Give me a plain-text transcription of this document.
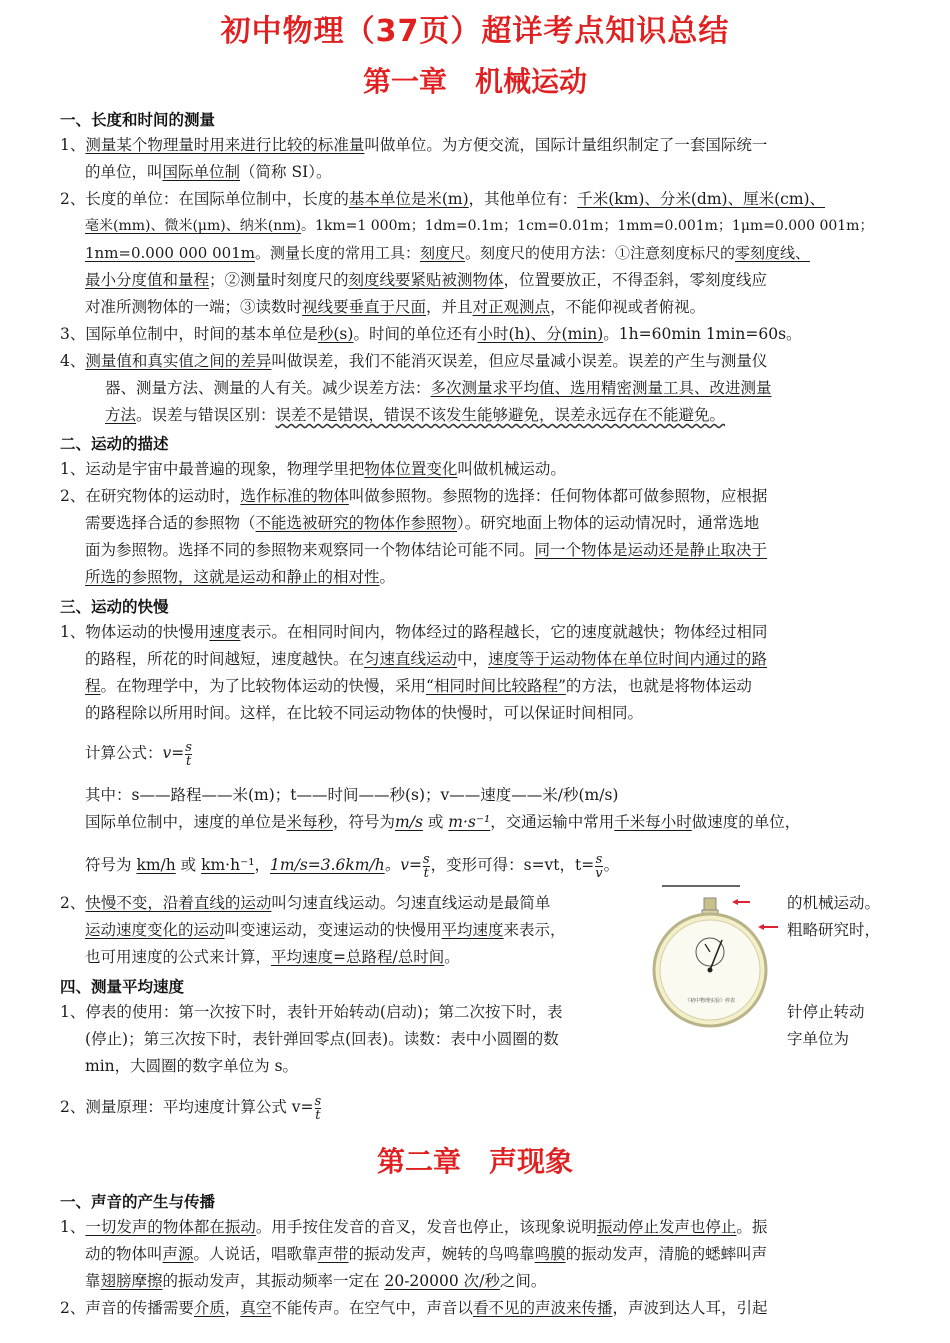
初中物理（37页）超详考点知识总结
第一章　机械运动
一、长度和时间的测量
1、测量某个物理量时用来进行比较的标准量叫做单位。为方便交流，国际计量组织制定了一套国际统一
的单位，叫国际单位制（简称 SI）。
2、长度的单位：在国际单位制中，长度的基本单位是米(m)，其他单位有：千米(km)、分米(dm)、厘米(cm)、
毫米(mm)、微米(μm)、纳米(nm)。1km=1 000m；1dm=0.1m；1cm=0.01m；1mm=0.001m；1μm=0.000 001m；
1nm=0.000 000 001m。测量长度的常用工具：刻度尺。刻度尺的使用方法：①注意刻度标尺的零刻度线、
最小分度值和量程；②测量时刻度尺的刻度线要紧贴被测物体，位置要放正，不得歪斜，零刻度线应
对准所测物体的一端；③读数时视线要垂直于尺面，并且对正观测点，不能仰视或者俯视。
3、国际单位制中，时间的基本单位是秒(s)。时间的单位还有小时(h)、分(min)。1h=60min 1min=60s。
4、测量值和真实值之间的差异叫做误差，我们不能消灭误差，但应尽量减小误差。误差的产生与测量仪
器、测量方法、测量的人有关。减少误差方法：多次测量求平均值、选用精密测量工具、改进测量
方法。误差与错误区别：误差不是错误，错误不该发生能够避免，误差永远存在不能避免。
二、运动的描述
1、运动是宇宙中最普遍的现象，物理学里把物体位置变化叫做机械运动。
2、在研究物体的运动时，选作标准的物体叫做参照物。参照物的选择：任何物体都可做参照物，应根据
需要选择合适的参照物（不能选被研究的物体作参照物）。研究地面上物体的运动情况时，通常选地
面为参照物。选择不同的参照物来观察同一个物体结论可能不同。同一个物体是运动还是静止取决于
所选的参照物，这就是运动和静止的相对性。
三、运动的快慢
1、物体运动的快慢用速度表示。在相同时间内，物体经过的路程越长，它的速度就越快；物体经过相同
的路程，所花的时间越短，速度越快。在匀速直线运动中，速度等于运动物体在单位时间内通过的路
程。在物理学中，为了比较物体运动的快慢，采用“相同时间比较路程”的方法，也就是将物体运动
的路程除以所用时间。这样，在比较不同运动物体的快慢时，可以保证时间相同。
计算公式：$v= \frac{s}{t}$
其中：s——路程——米(m)；t——时间——秒(s)；v——速度——米/秒(m/s)
国际单位制中，速度的单位是米每秒，符号为m/s 或 m·s⁻¹，交通运输中常用千米每小时做速度的单位，
符号为 km/h 或 km·h⁻¹，1m/s=3.6km/h。$v= \frac{s}{t}$ ，变形可得：s=vt，$t= \frac{s}{v}$ 。
2、快慢不变，沿着直线的运动叫匀速直线运动。匀速直线运动是最简单	的机械运动。
运动速度变化的运动叫变速运动，变速运动的快慢用平均速度来表示，	粗略研究时，
也可用速度的公式来计算，平均速度=总路程/总时间。
四、测量平均速度
1、停表的使用：第一次按下时，表针开始转动(启动)；第二次按下时，表	针停止转动
(停止)；第三次按下时，表针弹回零点(回表)。读数：表中小圆圈的数	字单位为
min，大圆圈的数字单位为 s。
2、测量原理：平均速度计算公式 $v= \frac{s}{t}$
《初中物理实验》停表
第二章　声现象
一、声音的产生与传播
1、一切发声的物体都在振动。用手按住发音的音叉，发音也停止，该现象说明振动停止发声也停止。振
动的物体叫声源。人说话，唱歌靠声带的振动发声，婉转的鸟鸣靠鸣膜的振动发声，清脆的蟋蟀叫声
靠翅膀摩擦的振动发声，其振动频率一定在 20-20000 次/秒之间。
2、声音的传播需要介质，真空不能传声。在空气中，声音以看不见的声波来传播，声波到达人耳，引起
